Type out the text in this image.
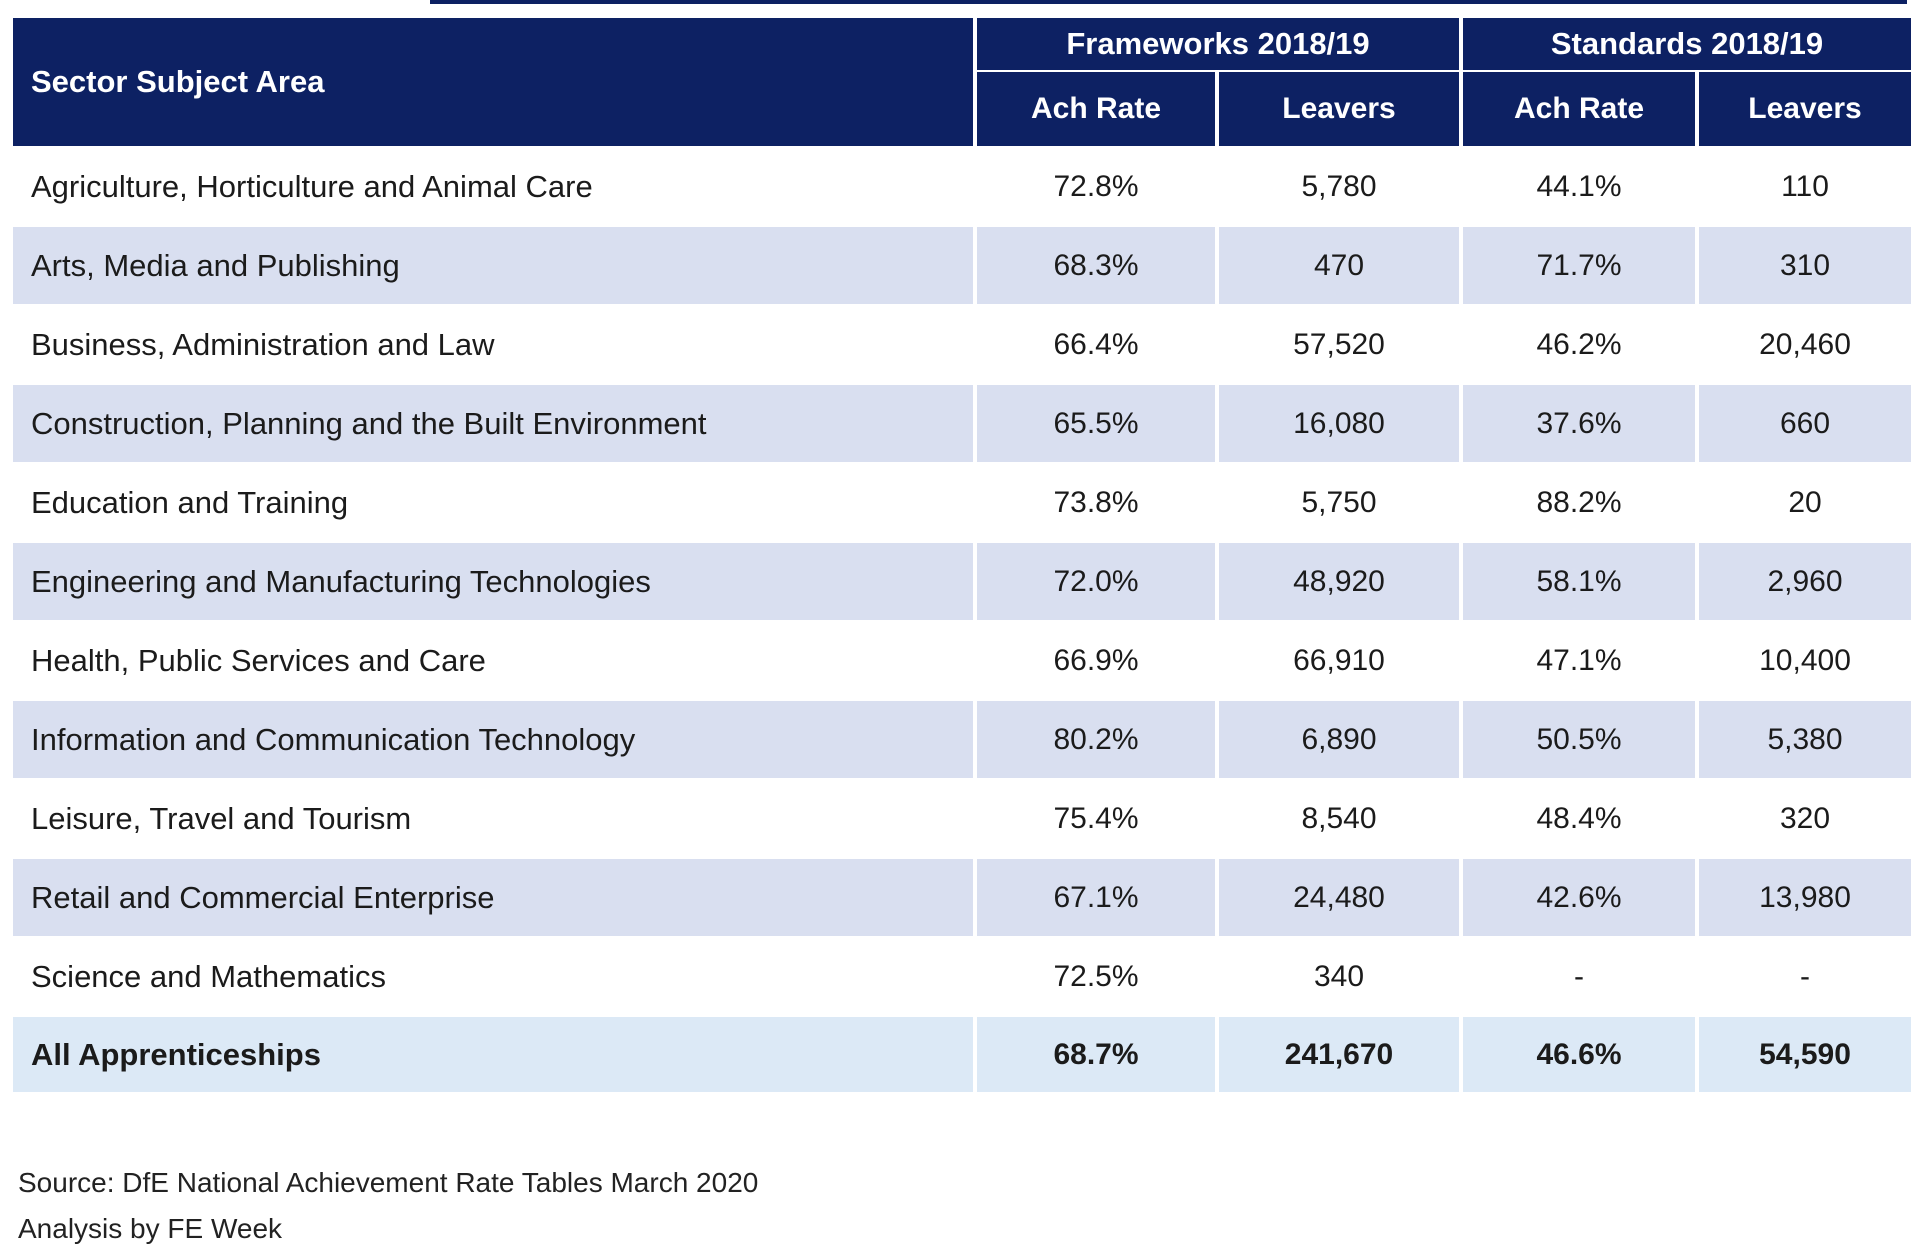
Sector Subject Area	Frameworks 2018/19		Standards 2018/19	
	Ach Rate	Leavers	Ach Rate	Leavers
Agriculture, Horticulture and Animal Care	72.8%	5,780	44.1%	110
Arts, Media and Publishing	68.3%	470	71.7%	310
Business, Administration and Law	66.4%	57,520	46.2%	20,460
Construction, Planning and the Built Environment	65.5%	16,080	37.6%	660
Education and Training	73.8%	5,750	88.2%	20
Engineering and Manufacturing Technologies	72.0%	48,920	58.1%	2,960
Health, Public Services and Care	66.9%	66,910	47.1%	10,400
Information and Communication Technology	80.2%	6,890	50.5%	5,380
Leisure, Travel and Tourism	75.4%	8,540	48.4%	320
Retail and Commercial Enterprise	67.1%	24,480	42.6%	13,980
Science and Mathematics	72.5%	340	-	-
All Apprenticeships	68.7%	241,670	46.6%	54,590
Source: DfE National Achievement Rate Tables March 2020
Analysis by FE Week
